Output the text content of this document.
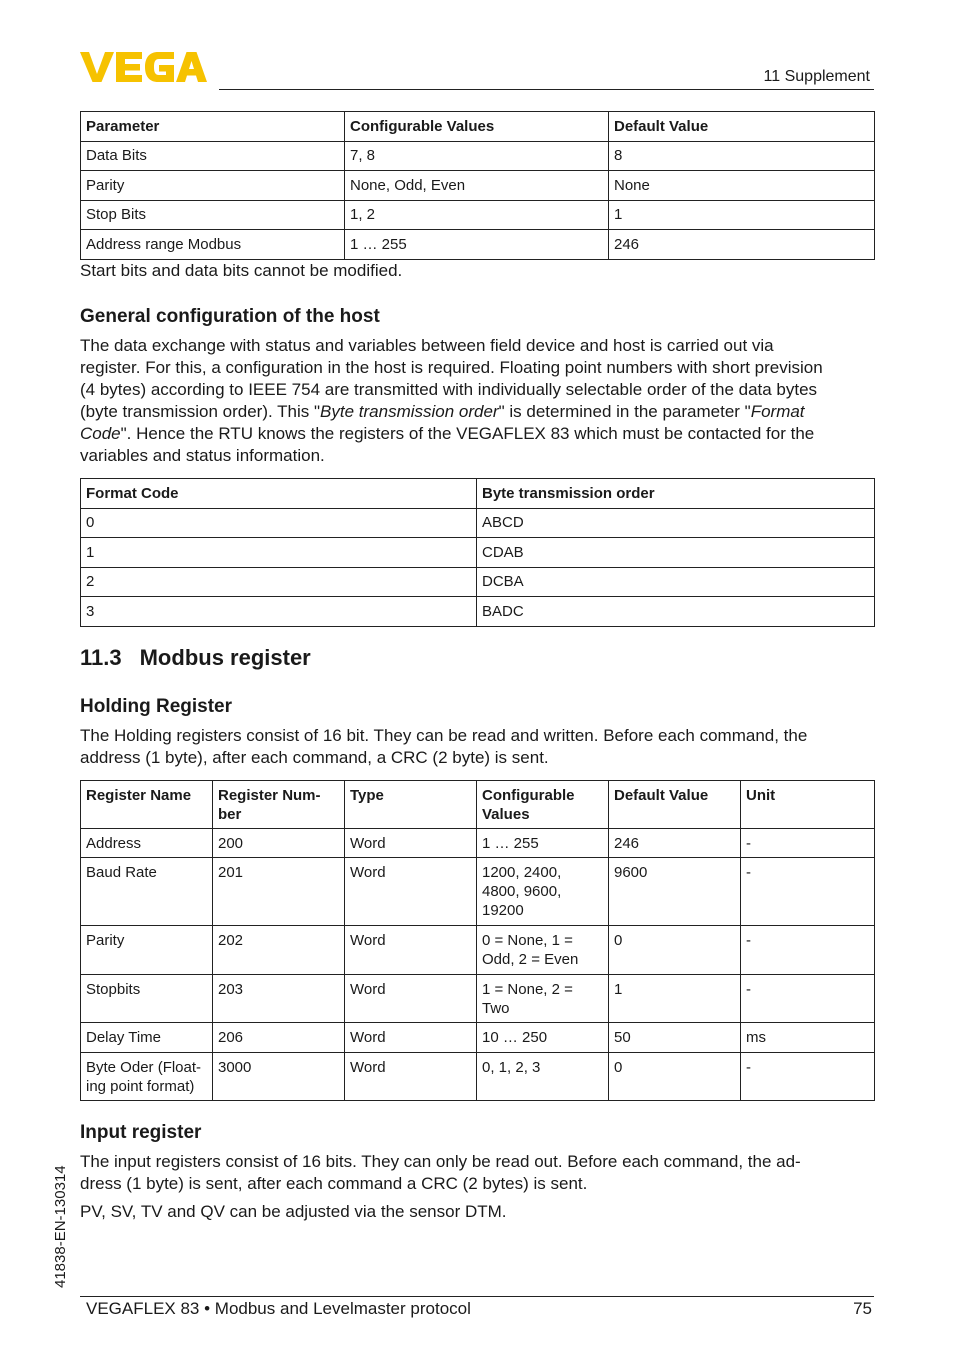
VEGA
11 Supplement
Parameter	Configurable Values	Default Value
Data Bits	7, 8	8
Parity	None, Odd, Even	None
Stop Bits	1, 2	1
Address range Modbus	1 … 255	246
Start bits and data bits cannot be modified.
General configuration of the host

The data exchange with status and variables between field device and host is carried out via

register. For this, a configuration in the host is required. Floating point numbers with short prevision

(4 bytes) according to IEEE 754 are transmitted with individually selectable order of the data bytes

(byte transmission order). This "Byte transmission order" is determined in the parameter "Format

Code". Hence the RTU knows the registers of the VEGAFLEX 83 which must be contacted for the

variables and status information.

Format Code	Byte transmission order
0	ABCD
1	CDAB
2	DCBA
3	BADC
11.3 Modbus register
Holding Register

The Holding registers consist of 16 bit. They can be read and written. Before each command, the

address (1 byte), after each command, a CRC (2 byte) is sent.

Register Name	Register Num-
ber	Type	Configurable
Values	Default Value	Unit
Address	200	Word	1 … 255	246	-
Baud Rate	201	Word	1200, 2400,
4800, 9600,
19200	9600	-
Parity	202	Word	0 = None, 1 =
Odd, 2 = Even	0	-
Stopbits	203	Word	1 = None, 2 =
Two	1	-
Delay Time	206	Word	10 … 250	50	ms
Byte Oder (Float-
ing point format)	3000	Word	0, 1, 2, 3	0	-
Input register

The input registers consist of 16 bits. They can only be read out. Before each command, the ad-

dress (1 byte) is sent, after each command a CRC (2 bytes) is sent.

PV, SV, TV and QV can be adjusted via the sensor DTM.
41838-EN-130314
VEGAFLEX 83 • Modbus and Levelmaster protocol	75
